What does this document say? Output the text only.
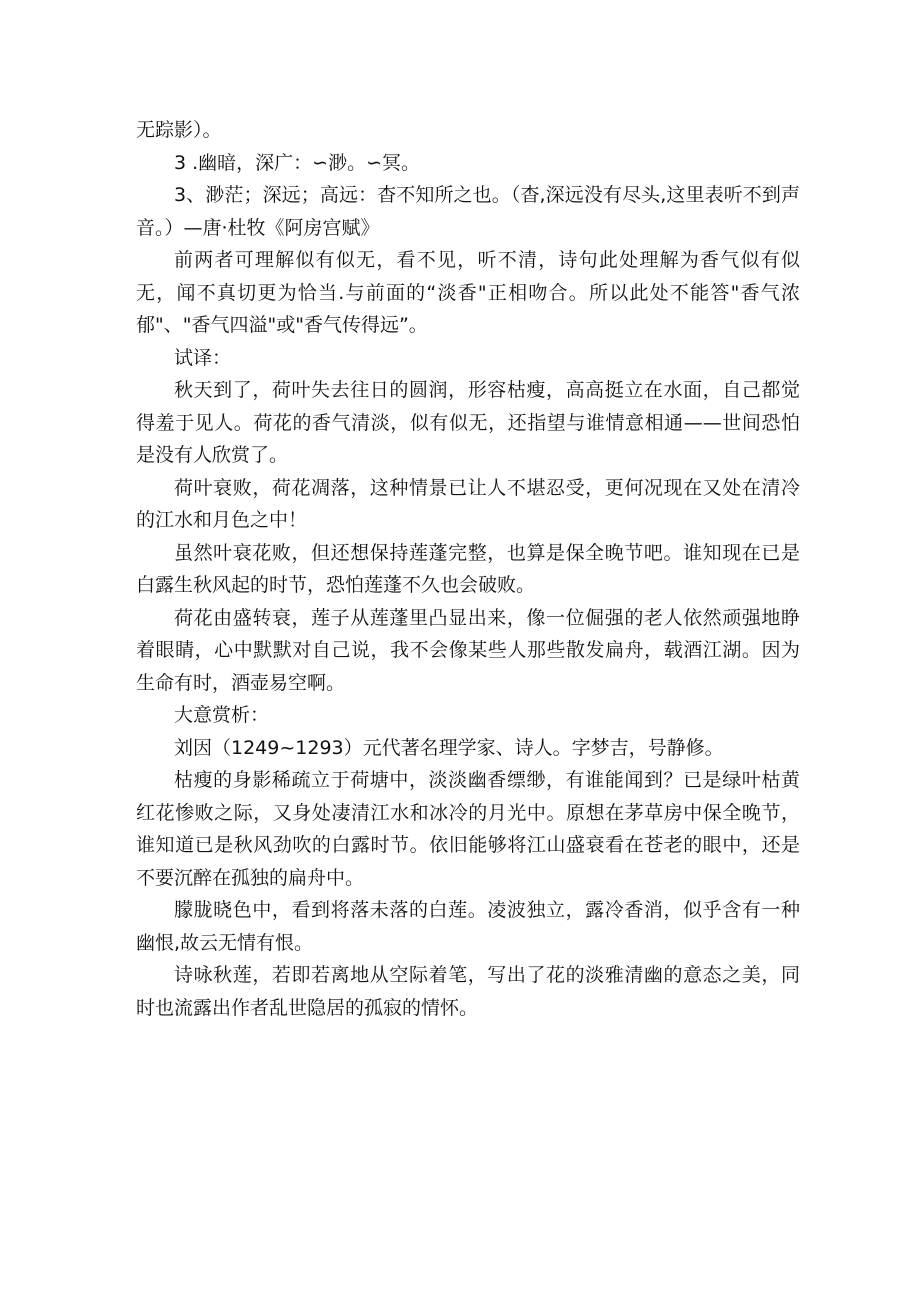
无踪影）。

3 .幽暗，深广：∽渺。∽冥。

3、渺茫；深远；高远：杳不知所之也。（杳,深远没有尽头,这里表听不到声音。）—唐·杜牧《阿房宫赋》

前两者可理解似有似无，看不见，听不清，诗句此处理解为香气似有似无，闻不真切更为恰当.与前面的“淡香"正相吻合。所以此处不能答"香气浓郁"、"香气四溢"或"香气传得远”。

试译：

秋天到了，荷叶失去往日的圆润，形容枯瘦，高高挺立在水面，自己都觉得羞于见人。荷花的香气清淡，似有似无，还指望与谁情意相通——世间恐怕是没有人欣赏了。

荷叶衰败，荷花凋落，这种情景已让人不堪忍受，更何况现在又处在清冷的江水和月色之中！

虽然叶衰花败，但还想保持莲蓬完整，也算是保全晚节吧。谁知现在已是白露生秋风起的时节，恐怕莲蓬不久也会破败。

荷花由盛转衰，莲子从莲蓬里凸显出来，像一位倔强的老人依然顽强地睁着眼睛，心中默默对自己说，我不会像某些人那些散发扁舟，载酒江湖。因为生命有时，酒壶易空啊。

大意赏析：

刘因（1249~1293）元代著名理学家、诗人。字梦吉，号静修。

枯瘦的身影稀疏立于荷塘中，淡淡幽香缥缈，有谁能闻到？已是绿叶枯黄红花惨败之际，又身处凄清江水和冰冷的月光中。原想在茅草房中保全晚节，谁知道已是秋风劲吹的白露时节。依旧能够将江山盛衰看在苍老的眼中，还是不要沉醉在孤独的扁舟中。

朦胧晓色中，看到将落未落的白莲。凌波独立，露冷香消，似乎含有一种幽恨,故云无情有恨。

诗咏秋莲，若即若离地从空际着笔，写出了花的淡雅清幽的意态之美，同时也流露出作者乱世隐居的孤寂的情怀。
